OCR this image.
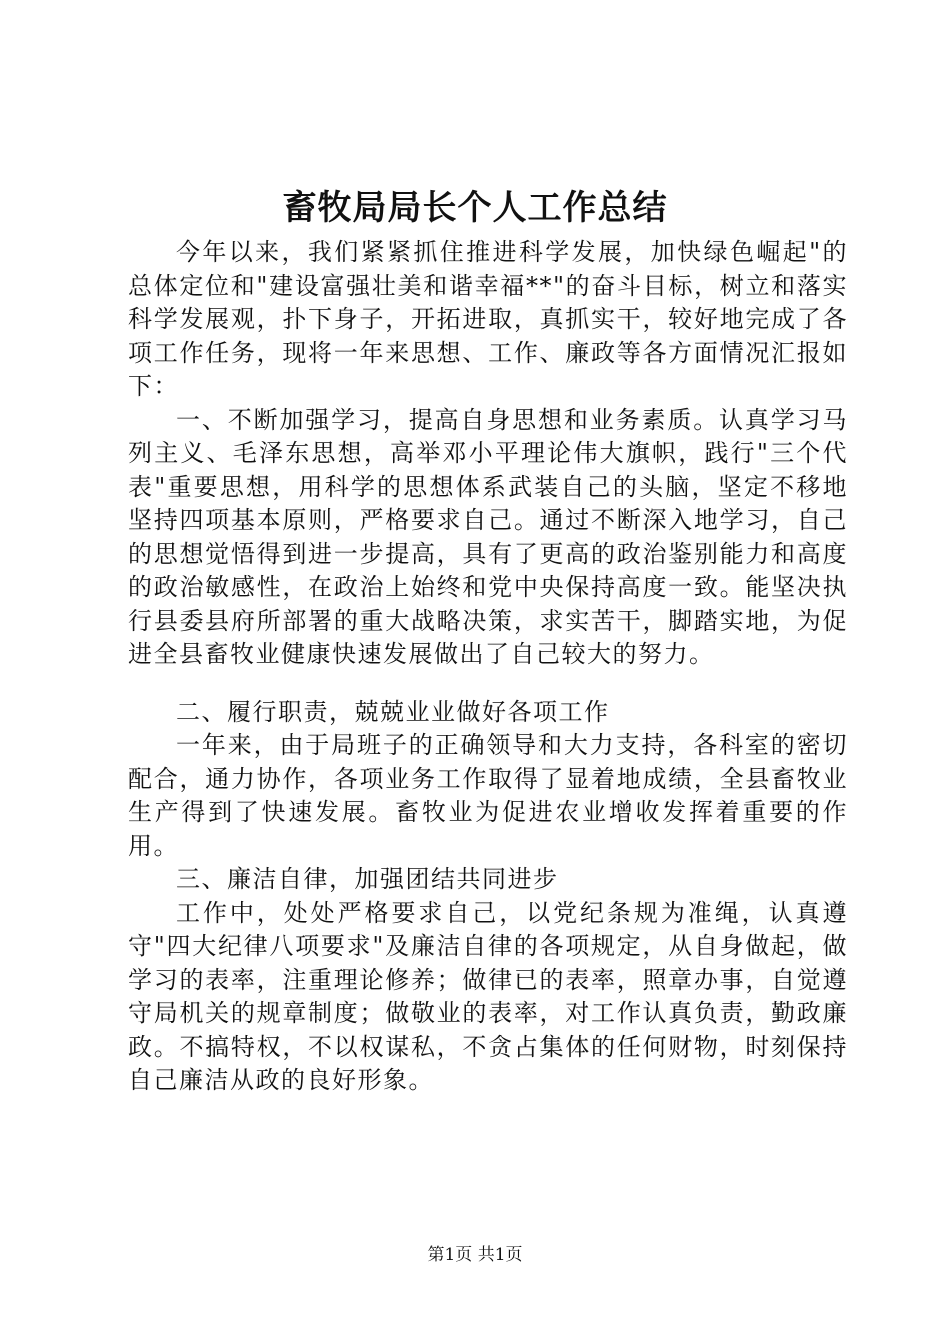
畜牧局局长个人工作总结

今年以来，我们紧紧抓住推进科学发展，加快绿色崛起"的总体定位和"建设富强壮美和谐幸福**"的奋斗目标，树立和落实科学发展观，扑下身子，开拓进取，真抓实干，较好地完成了各项工作任务，现将一年来思想、工作、廉政等各方面情况汇报如下：

一、不断加强学习，提高自身思想和业务素质。认真学习马列主义、毛泽东思想，高举邓小平理论伟大旗帜，践行"三个代表"重要思想，用科学的思想体系武装自己的头脑，坚定不移地坚持四项基本原则，严格要求自己。通过不断深入地学习，自己的思想觉悟得到进一步提高，具有了更高的政治鉴别能力和高度的政治敏感性，在政治上始终和党中央保持高度一致。能坚决执行县委县府所部署的重大战略决策，求实苦干，脚踏实地，为促进全县畜牧业健康快速发展做出了自己较大的努力。

二、履行职责，兢兢业业做好各项工作

一年来，由于局班子的正确领导和大力支持，各科室的密切配合，通力协作，各项业务工作取得了显着地成绩，全县畜牧业生产得到了快速发展。畜牧业为促进农业增收发挥着重要的作用。

三、廉洁自律，加强团结共同进步

工作中，处处严格要求自己，以党纪条规为准绳，认真遵守"四大纪律八项要求"及廉洁自律的各项规定，从自身做起，做学习的表率，注重理论修养；做律已的表率，照章办事，自觉遵守局机关的规章制度；做敬业的表率，对工作认真负责，勤政廉政。不搞特权，不以权谋私，不贪占集体的任何财物，时刻保持自己廉洁从政的良好形象。

第1页 共1页
